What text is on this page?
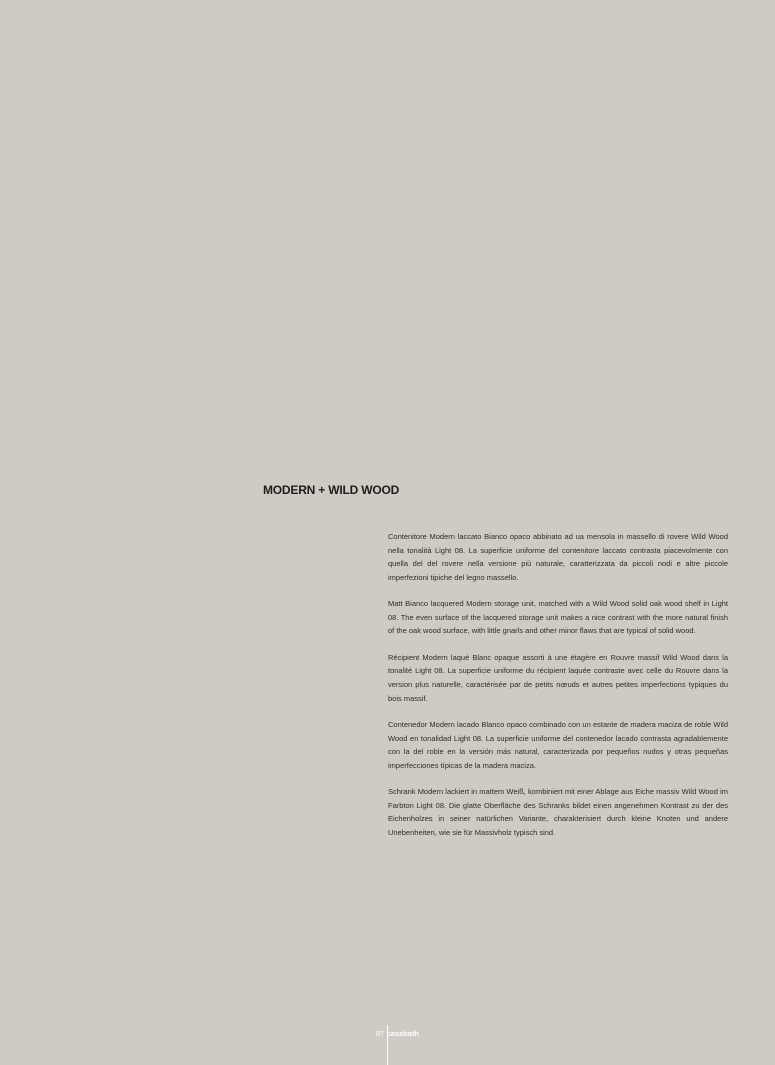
MODERN + WILD WOOD

Contenitore Modern laccato Bianco opaco abbinato ad ua mensola in massello di rovere Wild Wood nella tonalità Light 08. La superficie uniforme del contenitore laccato contrasta piacevolmente con quella del del rovere nella versione più naturale, caratterizzata da piccoli nodi e altre piccole imperfezioni tipiche del legno massello.

Matt Bianco lacquered Modern storage unit, matched with a Wild Wood solid oak wood shelf in Light 08. The even surface of the lacquered storage unit makes a nice contrast with the more natural finish of the oak wood surface, with little gnarls and other minor flaws that are typical of solid wood.

Récipient Modern laqué Blanc opaque assorti à une étagère en Rouvre massif Wild Wood dans la tonalité Light 08. La superficie uniforme du récipient laquée contraste avec celle du Rouvre dans la version plus naturelle, caractérisée par de petits nœuds et autres petites imperfections typiques du bois massif.

Contenedor Modern lacado Blanco opaco combinado con un estante de madera maciza de roble Wild Wood en tonalidad Light 08. La superficie uniforme del contenedor lacado contrasta agradablemente con la del roble en la versión más natural, caracterizada por pequeños nudos y otras pequeñas imperfecciones típicas de la madera maciza.

Schrank Modern lackiert in mattem Weiß, kombiniert mit einer Ablage aus Eiche massiv Wild Wood im Farbton Light 08. Die glatte Oberfläche des Schranks bildet einen angenehmen Kontrast zu der des Eichenholzes in seiner natürlichen Variante, charakterisiert durch kleine Knoten und andere Unebenheiten, wie sie für Massivholz typisch sind.

87 casabath
